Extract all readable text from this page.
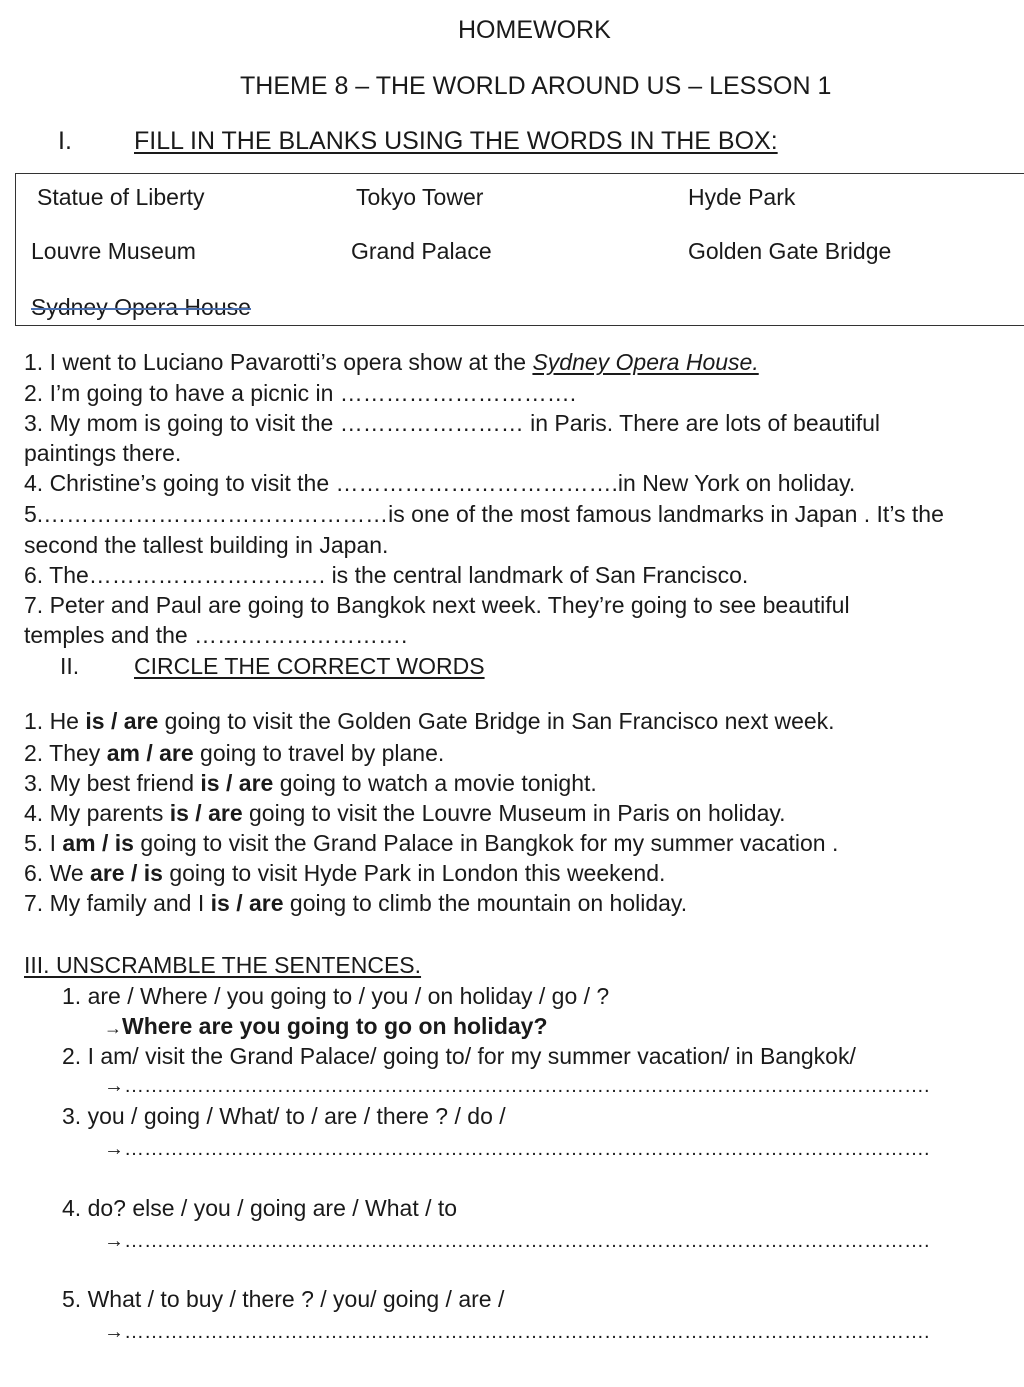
HOMEWORK
THEME 8 – THE WORLD AROUND US – LESSON 1
I. FILL IN THE BLANKS USING THE WORDS IN THE BOX:
Statue of Liberty	Tokyo Tower	Hyde Park
Louvre Museum	Grand Palace	Golden Gate Bridge
Sydney Opera House
1. I went to Luciano Pavarotti’s opera show at the Sydney Opera House.
2. I’m going to have a picnic in ………………………….
3. My mom is going to visit the …………………… in Paris. There are lots of beautiful
paintings there.
4. Christine’s going to visit the ……………………………….in New York on holiday.
5.………………………………………is one of the most famous landmarks in Japan . It’s the
second the tallest building in Japan.
6. The…………………………. is the central landmark of San Francisco.
7. Peter and Paul are going to Bangkok next week. They’re going to see beautiful
temples and the ……………………….
II. CIRCLE THE CORRECT WORDS
1. He is / are going to visit the Golden Gate Bridge in San Francisco next week.
2. They am / are going to travel by plane.
3. My best friend is / are going to watch a movie tonight.
4. My parents is / are going to visit the Louvre Museum in Paris on holiday.
5. I am / is going to visit the Grand Palace in Bangkok for my summer vacation .
6. We are / is going to visit Hyde Park in London this weekend.
7. My family and I is / are going to climb the mountain on holiday.
III. UNSCRAMBLE THE SENTENCES.
1. are / Where / you going to / you / on holiday / go / ?
→Where are you going to go on holiday?
2. I am/ visit the Grand Palace/ going to/ for my summer vacation/ in Bangkok/
→………………………………………………………………………………………………………….
3. you / going / What/ to / are / there ? / do /
→………………………………………………………………………………………………………….
4. do? else / you / going are / What / to
→………………………………………………………………………………………………………….
5. What / to buy / there ? / you/ going / are /
→………………………………………………………………………………………………………….
